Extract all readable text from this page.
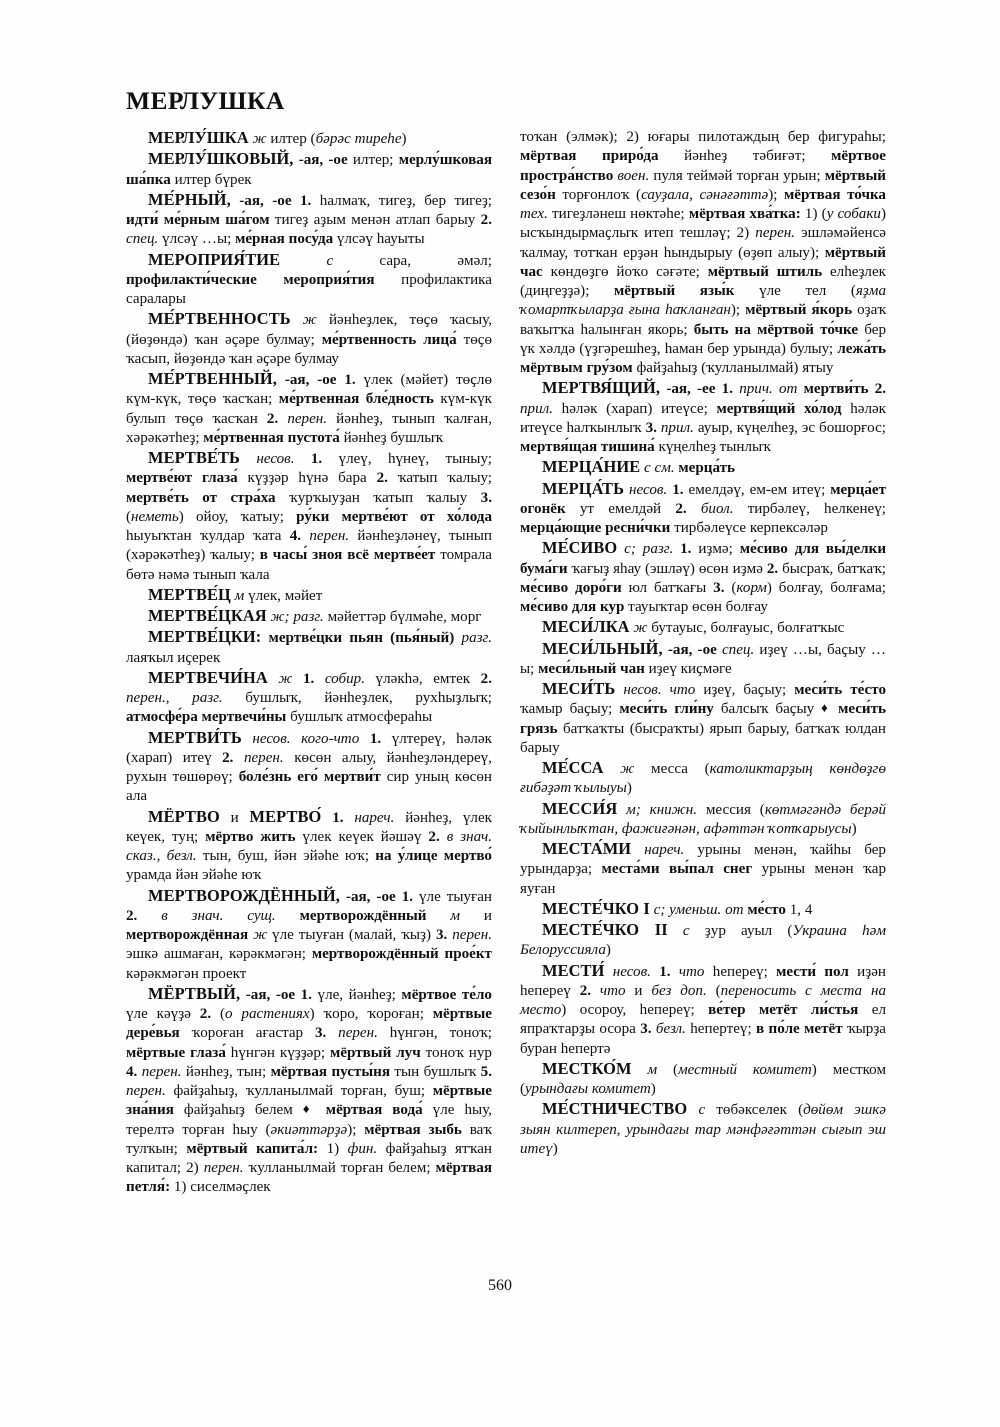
МЕРЛУШКА

МЕРЛУ́ШКА ж илтер (бәрәс тиреһе)

МЕРЛУ́ШКОВЫЙ, -ая, -ое илтер; мерлу́шковая ша́пка илтер бүрек

МЕ́РНЫЙ, -ая, -ое 1. һалмаҡ, тигеҙ, бер тигеҙ; идти́ ме́рным ша́гом тигеҙ аҙым менән атлап барыу 2. спец. үлсәү …ы; ме́рная посу́да үлсәү һауыты

МЕРОПРИЯ́ТИЕ	с сара, әмәл; профилакти́ческие мероприя́тия профилактика саралары

МЕ́РТВЕННОСТЬ ж йәнһеҙлек, төҫө ҡасыу, (йөҙөндә) ҡан әҫәре булмау; ме́ртвенность лица́ төҫө ҡасып, йөҙөндә ҡан әҫәре булмау

МЕ́РТВЕННЫЙ, -ая, -ое 1. үлек (мәйет) төҫлө күм-күк, төҫө ҡасҡан; ме́ртвенная бле́дность күм-күк булып төҫө ҡасҡан 2. перен. йәнһеҙ, тынып ҡалған, хәрәкәтһеҙ; ме́ртвенная пустота́ йәнһеҙ бушлыҡ

МЕРТВЕ́ТЬ несов. 1. үлеү, һүнеү, тыныу; мертве́ют глаза́ күҙҙәр һүнә бара 2. ҡатып ҡалыу; мертве́ть от стра́ха ҡурҡыуҙан ҡатып ҡалыу 3. (неметь) ойоу, ҡатыу; ру́ки мертве́ют от хо́лода һыуыҡтан ҡулдар ҡата 4. перен. йәнһеҙләнеү, тынып (хәрәкәтһеҙ) ҡалыу; в часы́ зноя всё мертве́ет томрала бөтә нәмә тынып ҡала

МЕРТВЕ́Ц м үлек, мәйет

МЕРТВЕ́ЦКАЯ ж; разг. мәйеттәр бүлмәһе, морг

МЕРТВЕ́ЦКИ: мертве́цки пьян (пья́ный) разг. лаяҡыл иҫерек

МЕРТВЕЧИ́НА ж 1. собир. үләкһә, емтек 2. перен., разг. бушлыҡ, йәнһеҙлек, рухһыҙлыҡ; атмосфе́ра мертвечи́ны бушлыҡ атмосфераһы

МЕРТВИ́ТЬ несов. кого-что 1. үлтереү, һәләк (харап) итеү 2. перен. көсөн алыу, йәнһеҙләндереү, рухын төшөрөү; боле́знь его́ мертви́т сир уның көсөн ала

МЁРТВО и МЕРТВО́ 1. нареч. йәнһеҙ, үлек кеүек, туң; мёртво жить үлек кеүек йәшәү 2. в знач. сказ., безл. тын, буш, йән эйәһе юҡ; на у́лице мертво́ урамда йән эйәһе юҡ

МЕРТВОРОЖДЁННЫЙ, -ая, -ое 1. үле тыуған 2. в знач. сущ. мертворождённый м и мертворождённая ж үле тыуған (малай, ҡыҙ) 3. перен. эшкә ашмаған, кәрәкмәгән; мертворождённый прое́кт кәрәкмәгән проект

МЁРТВЫЙ, -ая, -ое 1. үле, йәнһеҙ; мёртвое те́ло үле кәүҙә 2. (о растениях) ҡоро, ҡороған; мёртвые дере́вья ҡороған ағастар 3. перен. һүнгән, тоноҡ; мёртвые глаза́ һүнгән күҙҙәр; мёртвый луч тоноҡ нур 4. перен. йәнһеҙ, тын; мёртвая пусты́ня тын бушлыҡ 5. перен. файҙаһыҙ, ҡулланылмай торған, буш; мёртвые зна́ния файҙаһыҙ белем ♦ мёртвая вода́ үле һыу, терелтә торған һыу (әкиәттәрҙә); мёртвая зыбь ваҡ тулҡын; мёртвый капита́л: 1) фин. файҙаһыҙ ятҡан капитал; 2) перен. ҡулланылмай торған белем; мёртвая петля́: 1) сиселмәҫлек

тоҡан (элмәк); 2) юғары пилотаждың бер фигураһы; мёртвая приро́да йәнһеҙ тәбиғәт; мёртвое простра́нство воен. пуля теймәй торған урын; мёртвый сезо́н торғонлоҡ (сауҙала, сәнәғәттә); мёртвая то́чка тех. тигеҙләнеш нөктәһе; мёртвая хва́тка: 1) (у собаки) ысҡындырмаҫлыҡ итеп тешләү; 2) перен. эшләмәйенсә ҡалмау, тотҡан ерҙән һындырыу (өҙөп алыу); мёртвый час көндөҙгө йоҡо сәғәте; мёртвый штиль елһеҙлек (диңгеҙҙә); мёртвый язы́к үле тел (яҙма ҡомартҡыларҙа ғына һаҡланған); мёртвый я́корь оҙаҡ ваҡытҡа һалынған якорь; быть на мёртвой то́чке бер үк хәлдә (үҙгәрешһеҙ, һаман бер урында) булыу; лежа́ть мёртвым гру́зом файҙаһыҙ (ҡулланылмай) ятыу

МЕРТВЯ́ЩИЙ, -ая, -ее 1. прич. от мертви́ть 2. прил. һәләк (харап) итеүсе; мертвя́щий хо́лод һәләк итеүсе һалҡынлыҡ 3. прил. ауыр, күңелһеҙ, эс бошорғос; мертвя́щая тишина́ күңелһеҙ тынлыҡ

МЕРЦА́НИЕ с см. мерца́ть

МЕРЦА́ТЬ несов. 1. емелдәү, ем-ем итеү; мерца́ет огонёк ут емелдәй 2. биол. тирбәлеү, һелкенеү; мерца́ющие ресни́чки тирбәлеүсе керпексәләр

МЕ́СИВО с; разг. 1. иҙмә; ме́сиво для вы́делки бума́ги ҡағыҙ яһау (эшләү) өсөн иҙмә 2. бысраҡ, батҡаҡ; ме́сиво доро́ги юл батҡағы 3. (корм) болғау, болғама; ме́сиво для кур тауыҡтар өсөн болғау

МЕСИ́ЛКА ж бутауыс, болғауыс, болғатҡыс

МЕСИ́ЛЬНЫЙ, -ая, -ое спец. иҙеү …ы, баҫыу …ы; меси́льный чан иҙеү киҫмәге

МЕСИ́ТЬ несов. что иҙеү, баҫыу; меси́ть те́сто ҡамыр баҫыу; меси́ть гли́ну балсыҡ баҫыу ♦ меси́ть грязь батҡаҡты (бысраҡты) ярып барыу, батҡаҡ юлдан барыу

МЕ́ССА ж месса (католиктарҙың көндөҙгө ғибәҙәт ҡылыуы)

МЕССИ́Я м; книжн. мессия (көтмәгәндә берәй ҡыйынлыҡтан, фажиғәнән, афәттән ҡотҡарыусы)

МЕСТА́МИ нареч. урыны менән, ҡайһы бер урындарҙа; места́ми вы́пал снег урыны менән ҡар яуған

МЕСТЕ́ЧКО I с; уменьш. от ме́сто 1, 4

МЕСТЕ́ЧКО II с ҙур ауыл (Украина һәм Белоруссияла)

МЕСТИ́ несов. 1. что һепереү; мести́ пол иҙән һепереү 2. что и без доп. (переносить с места на место) осороу, һепереү; ве́тер метёт ли́стья ел япраҡтарҙы осора 3. безл. һепертеү; в по́ле метёт ҡырҙа буран һепертә

МЕСТКО́М м (местный комитет) местком (урындағы комитет)

МЕ́СТНИЧЕСТВО с төбәкселек (дөйөм эшкә зыян килтереп, урындағы тар мәнфәғәттән сығып эш итеү)

560
